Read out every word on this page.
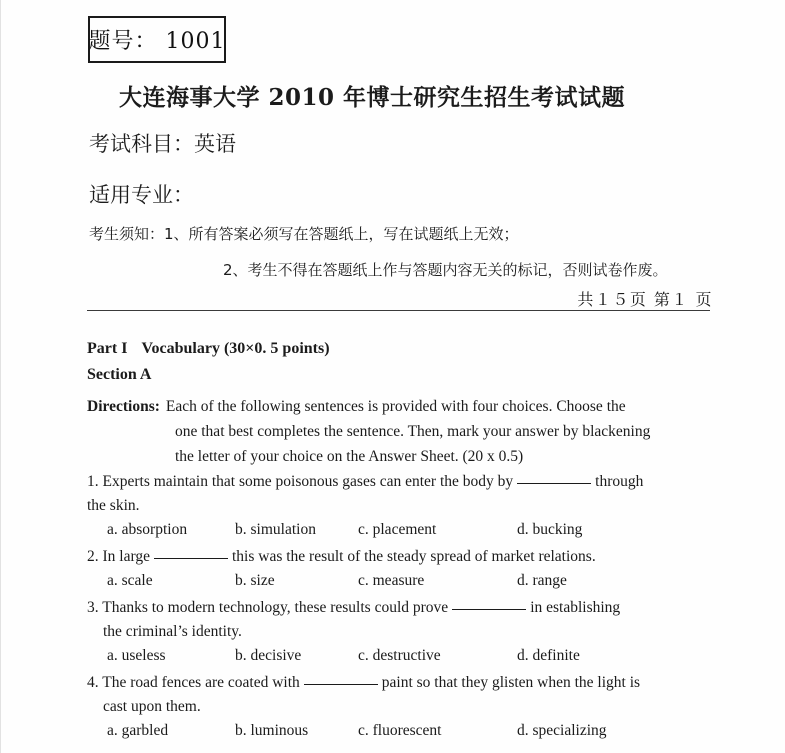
题号： 1001
大连海事大学 2010 年博士研究生招生考试试题
考试科目：英语
适用专业：
考生须知：1、所有答案必须写在答题纸上，写在试题纸上无效；
2、考生不得在答题纸上作与答题内容无关的标记，否则试卷作废。
共１５页 第１ 页
Part I Vocabulary (30×0. 5 points)
Section A
Directions: Each of the following sentences is provided with four choices. Choose the
one that best completes the sentence. Then, mark your answer by blackening
the letter of your choice on the Answer Sheet. (20 x 0.5)
1. Experts maintain that some poisonous gases can enter the body by	through
the skin.
a. absorption	b. simulation	c. placement	d. bucking
2. In large	this was the result of the steady spread of market relations.
a. scale	b. size	c. measure	d. range
3. Thanks to modern technology, these results could prove	in establishing
the criminal’s identity.
a. useless	b. decisive	c. destructive	d. definite
4. The road fences are coated with	paint so that they glisten when the light is
cast upon them.
a. garbled	b. luminous	c. fluorescent	d. specializing
